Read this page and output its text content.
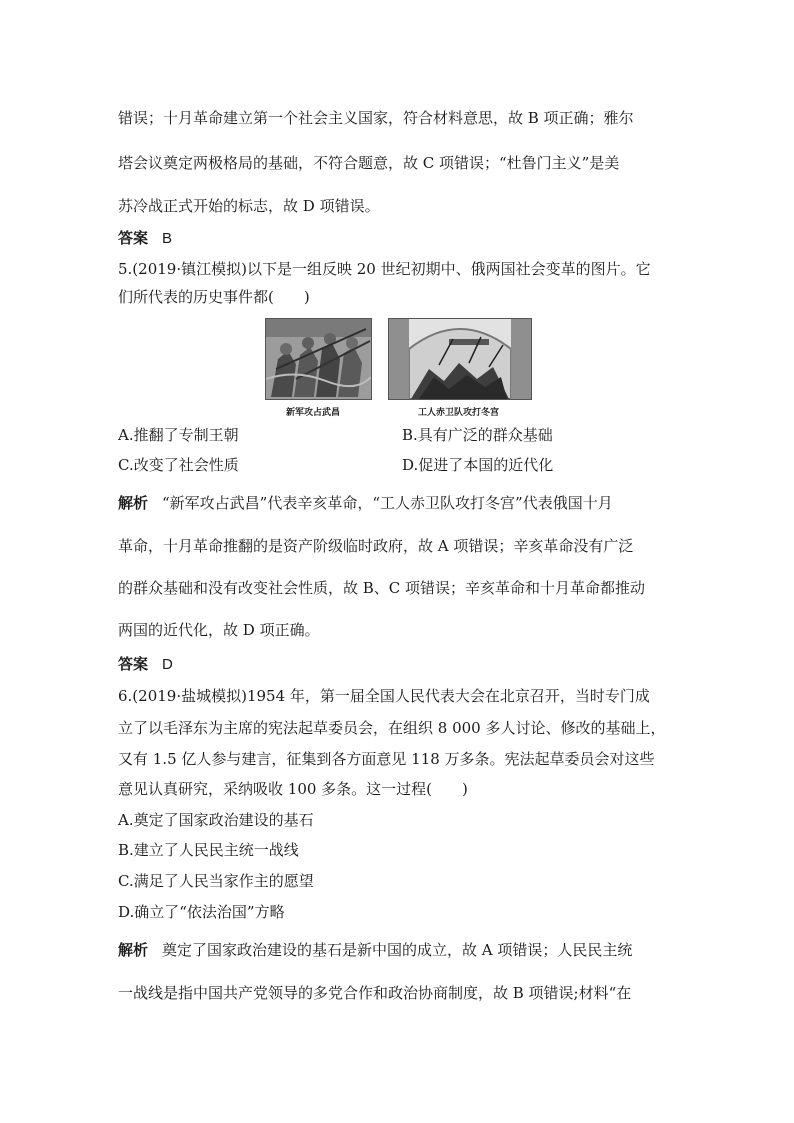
错误；十月革命建立第一个社会主义国家，符合材料意思，故 B 项正确；雅尔
塔会议奠定两极格局的基础，不符合题意，故 C 项错误；“杜鲁门主义”是美
苏冷战正式开始的标志，故 D 项错误。
答案 B
5.(2019·镇江模拟)以下是一组反映 20 世纪初期中、俄两国社会变革的图片。它
们所代表的历史事件都(　　)
新军攻占武昌	工人赤卫队攻打冬宫
A.推翻了专制王朝	B.具有广泛的群众基础
C.改变了社会性质	D.促进了本国的近代化
解析 “新军攻占武昌”代表辛亥革命，“工人赤卫队攻打冬宫”代表俄国十月
革命，十月革命推翻的是资产阶级临时政府，故 A 项错误；辛亥革命没有广泛
的群众基础和没有改变社会性质，故 B、C 项错误；辛亥革命和十月革命都推动
两国的近代化，故 D 项正确。
答案 D
6.(2019·盐城模拟)1954 年，第一届全国人民代表大会在北京召开，当时专门成
立了以毛泽东为主席的宪法起草委员会，在组织 8 000 多人讨论、修改的基础上，
又有 1.5 亿人参与建言，征集到各方面意见 118 万多条。宪法起草委员会对这些
意见认真研究，采纳吸收 100 多条。这一过程(　　)
A.奠定了国家政治建设的基石
B.建立了人民民主统一战线
C.满足了人民当家作主的愿望
D.确立了“依法治国”方略
解析 奠定了国家政治建设的基石是新中国的成立，故 A 项错误；人民民主统
一战线是指中国共产党领导的多党合作和政治协商制度，故 B 项错误;材料“在
